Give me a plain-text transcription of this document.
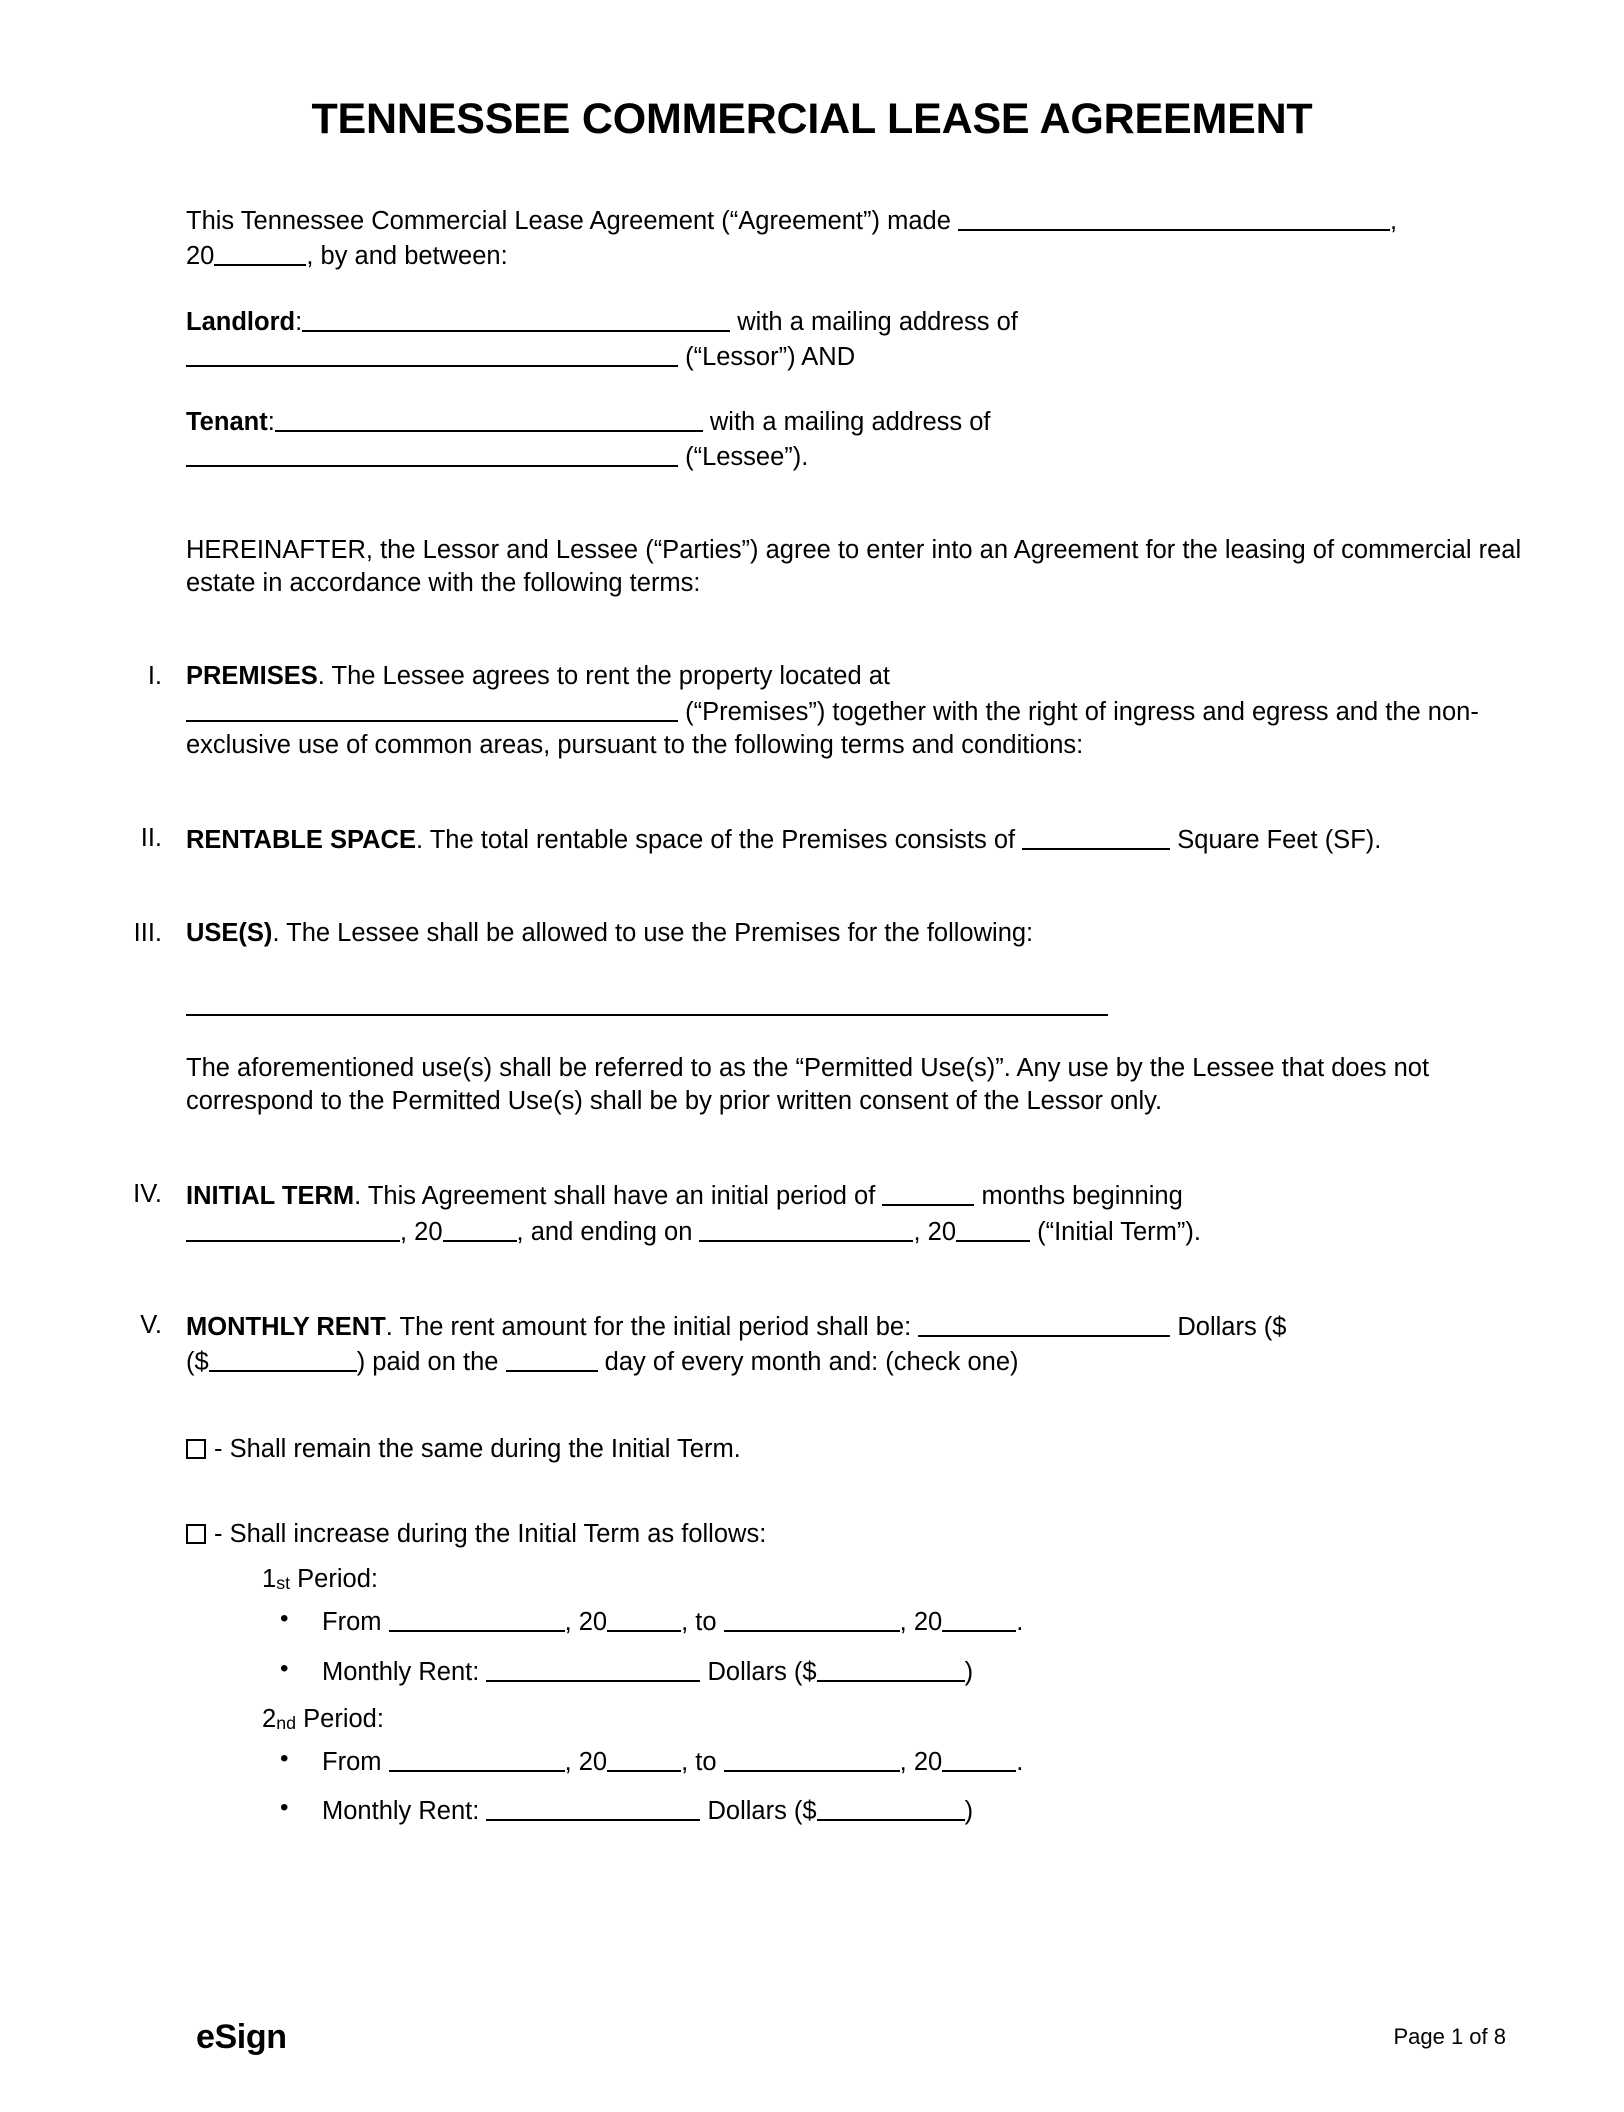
TENNESSEE COMMERCIAL LEASE AGREEMENT

This Tennessee Commercial Lease Agreement (“Agreement”) made	,
20	, by and between:

Landlord:	with a mailing address of
(“Lessor”) AND

Tenant:	with a mailing address of
(“Lessee”).

HEREINAFTER, the Lessor and Lessee (“Parties”) agree to enter into an Agreement for the leasing of commercial real estate in accordance with the following terms:

I. PREMISES. The Lessee agrees to rent the property located at
(“Premises”) together with the right of ingress and egress and the non-exclusive use of common areas, pursuant to the following terms and conditions:

II. RENTABLE SPACE. The total rentable space of the Premises consists of	Square Feet (SF).

III. USE(S). The Lessee shall be allowed to use the Premises for the following:

The aforementioned use(s) shall be referred to as the “Permitted Use(s)”. Any use by the Lessee that does not correspond to the Permitted Use(s) shall be by prior written consent of the Lessor only.

IV. INITIAL TERM. This Agreement shall have an initial period of	months beginning
, 20	, and ending on	, 20	(“Initial Term”).

V. MONTHLY RENT. The rent amount for the initial period shall be:	Dollars ($
($	) paid on the	day of every month and: (check one)

- Shall remain the same during the Initial Term.
- Shall increase during the Initial Term as follows:
$1_{st}$ Period:
• From	, 20	, to	, 20	.
• Monthly Rent:	Dollars ($	)
$2_{nd}$ Period:
• From	, 20	, to	, 20	.
• Monthly Rent:	Dollars ($	)
eSign	Page 1 of 8
